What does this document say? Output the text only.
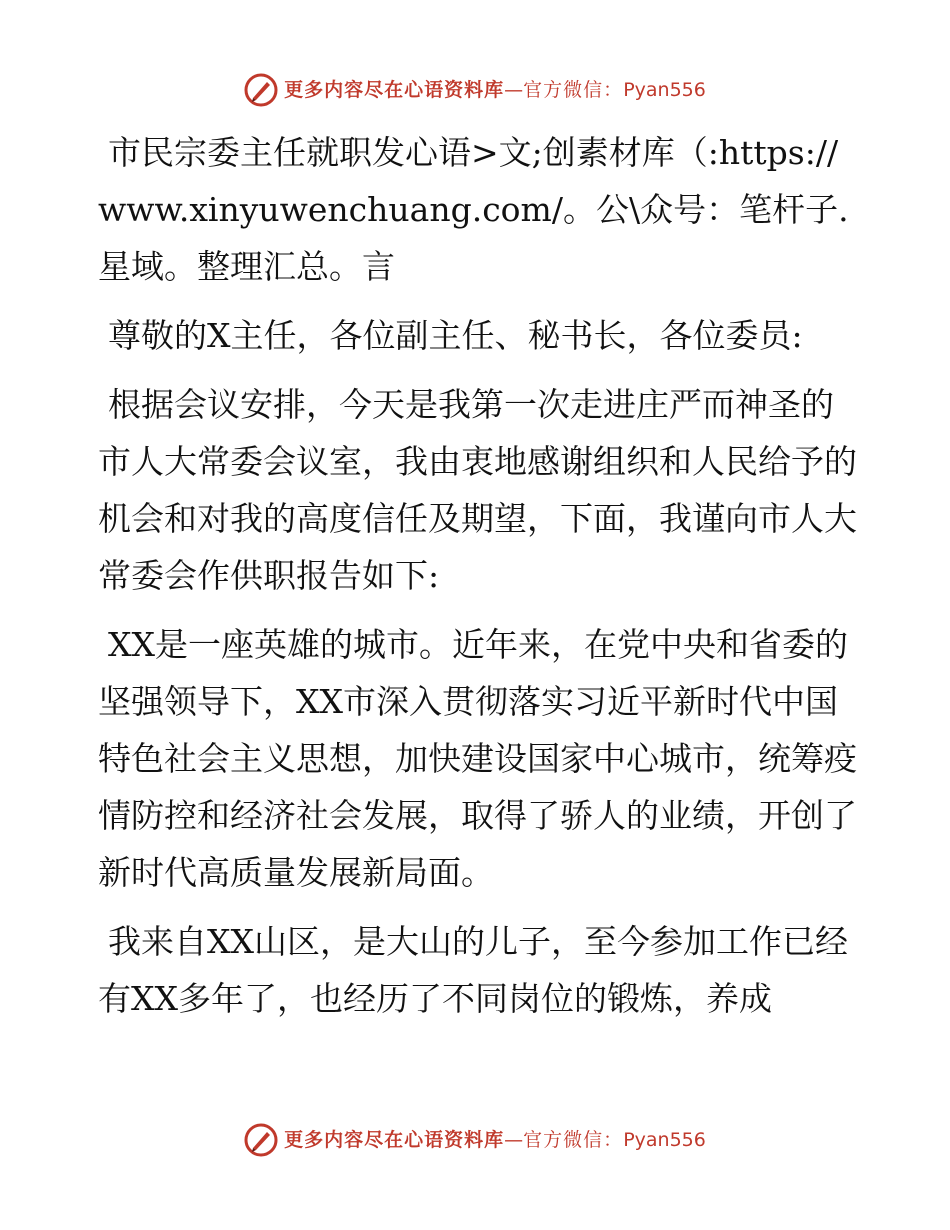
更多内容尽在心语资料库—官方微信：Pyan556

市民宗委主任就职发心语>文;创素材库（:https://www.xinyuwenchuang.com/。公\众号：笔杆子.星域。整理汇总。言

尊敬的X主任，各位副主任、秘书长，各位委员:

根据会议安排，今天是我第一次走进庄严而神圣的市人大常委会议室，我由衷地感谢组织和人民给予的机会和对我的高度信任及期望，下面，我谨向市人大常委会作供职报告如下:

XX是一座英雄的城市。近年来，在党中央和省委的坚强领导下，XX市深入贯彻落实习近平新时代中国特色社会主义思想，加快建设国家中心城市，统筹疫情防控和经济社会发展，取得了骄人的业绩，开创了新时代高质量发展新局面。

我来自XX山区，是大山的儿子，至今参加工作已经有XX多年了，也经历了不同岗位的锻炼，养成

更多内容尽在心语资料库—官方微信：Pyan556
